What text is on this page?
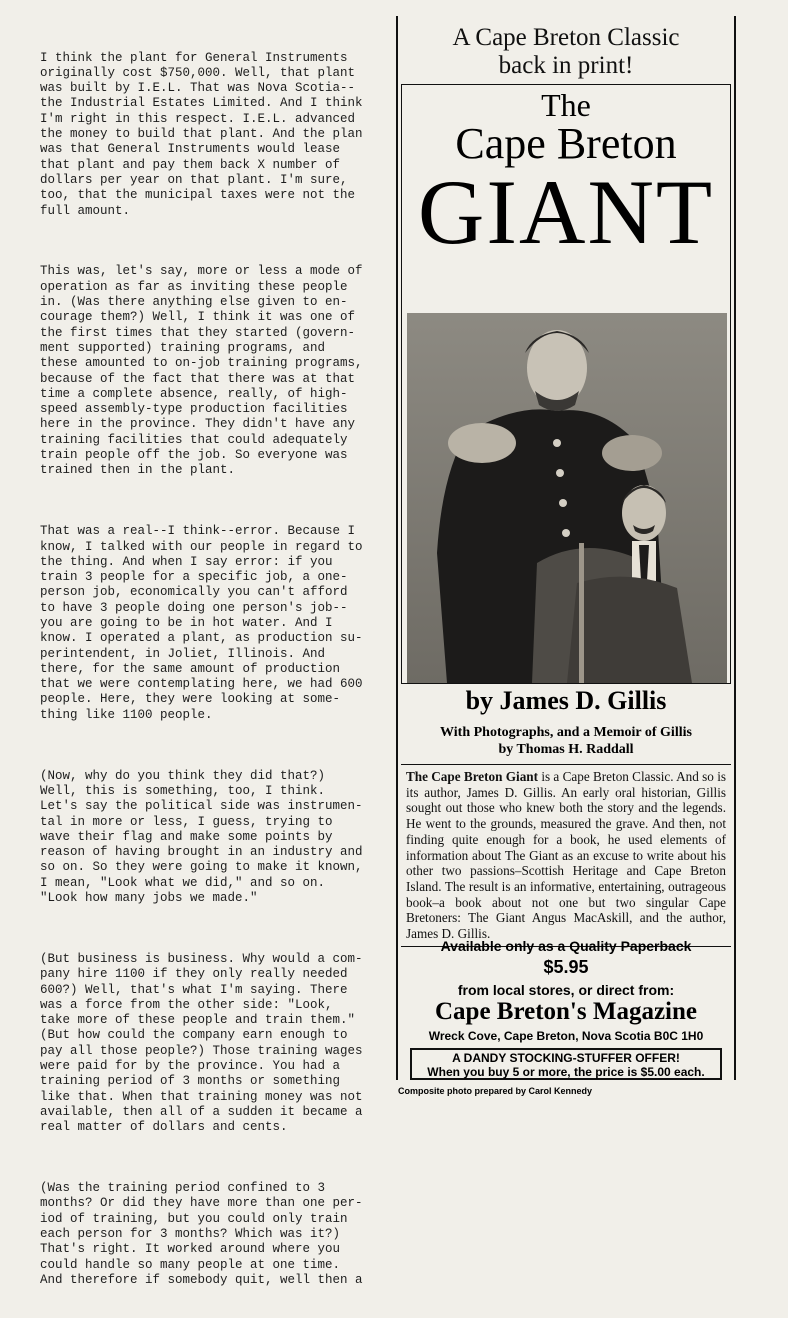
I think the plant for General Instruments
originally cost $750,000. Well, that plant
was built by I.E.L. That was Nova Scotia--
the Industrial Estates Limited. And I think
I'm right in this respect. I.E.L. advanced
the money to build that plant. And the plan
was that General Instruments would lease
that plant and pay them back X number of
dollars per year on that plant. I'm sure,
too, that the municipal taxes were not the
full amount.

This was, let's say, more or less a mode of
operation as far as inviting these people
in. (Was there anything else given to en-
courage them?) Well, I think it was one of
the first times that they started (govern-
ment supported) training programs, and
these amounted to on-job training programs,
because of the fact that there was at that
time a complete absence, really, of high-
speed assembly-type production facilities
here in the province. They didn't have any
training facilities that could adequately
train people off the job. So everyone was
trained then in the plant.

That was a real--I think--error. Because I
know, I talked with our people in regard to
the thing. And when I say error: if you
train 3 people for a specific job, a one-
person job, economically you can't afford
to have 3 people doing one person's job--
you are going to be in hot water. And I
know. I operated a plant, as production su-
perintendent, in Joliet, Illinois. And
there, for the same amount of production
that we were contemplating here, we had 600
people. Here, they were looking at some-
thing like 1100 people.

(Now, why do you think they did that?)
Well, this is something, too, I think.
Let's say the political side was instrumen-
tal in more or less, I guess, trying to
wave their flag and make some points by
reason of having brought in an industry and
so on. So they were going to make it known,
I mean, "Look what we did," and so on.
"Look how many jobs we made."

(But business is business. Why would a com-
pany hire 1100 if they only really needed
600?) Well, that's what I'm saying. There
was a force from the other side: "Look,
take more of these people and train them."
(But how could the company earn enough to
pay all those people?) Those training wages
were paid for by the province. You had a
training period of 3 months or something
like that. When that training money was not
available, then all of a sudden it became a
real matter of dollars and cents.

(Was the training period confined to 3
months? Or did they have more than one per-
iod of training, but you could only train
each person for 3 months? Which was it?)
That's right. It worked around where you
could handle so many people at one time.
And therefore if somebody quit, well then a

A Cape Breton Classic
back in print!
The
Cape Breton
GIANT
by James D. Gillis
With Photographs, and a Memoir of Gillis
by Thomas H. Raddall
The Cape Breton Giant is a Cape Breton Classic. And so is its author, James D. Gillis. An early oral historian, Gillis sought out those who knew both the story and the legends. He went to the grounds, measured the grave. And then, not finding quite enough for a book, he used elements of information about The Giant as an excuse to write about his other two passions–Scottish Heritage and Cape Breton Island. The result is an informative, entertaining, outrageous book–a book about not one but two singular Cape Bretoners: The Giant Angus MacAskill, and the author, James D. Gillis.
Available only as a Quality Paperback
$5.95
from local stores, or direct from:
Cape Breton's Magazine
Wreck Cove, Cape Breton, Nova Scotia B0C 1H0
A DANDY STOCKING-STUFFER OFFER!
When you buy 5 or more, the price is $5.00 each.
Composite photo prepared by Carol Kennedy
